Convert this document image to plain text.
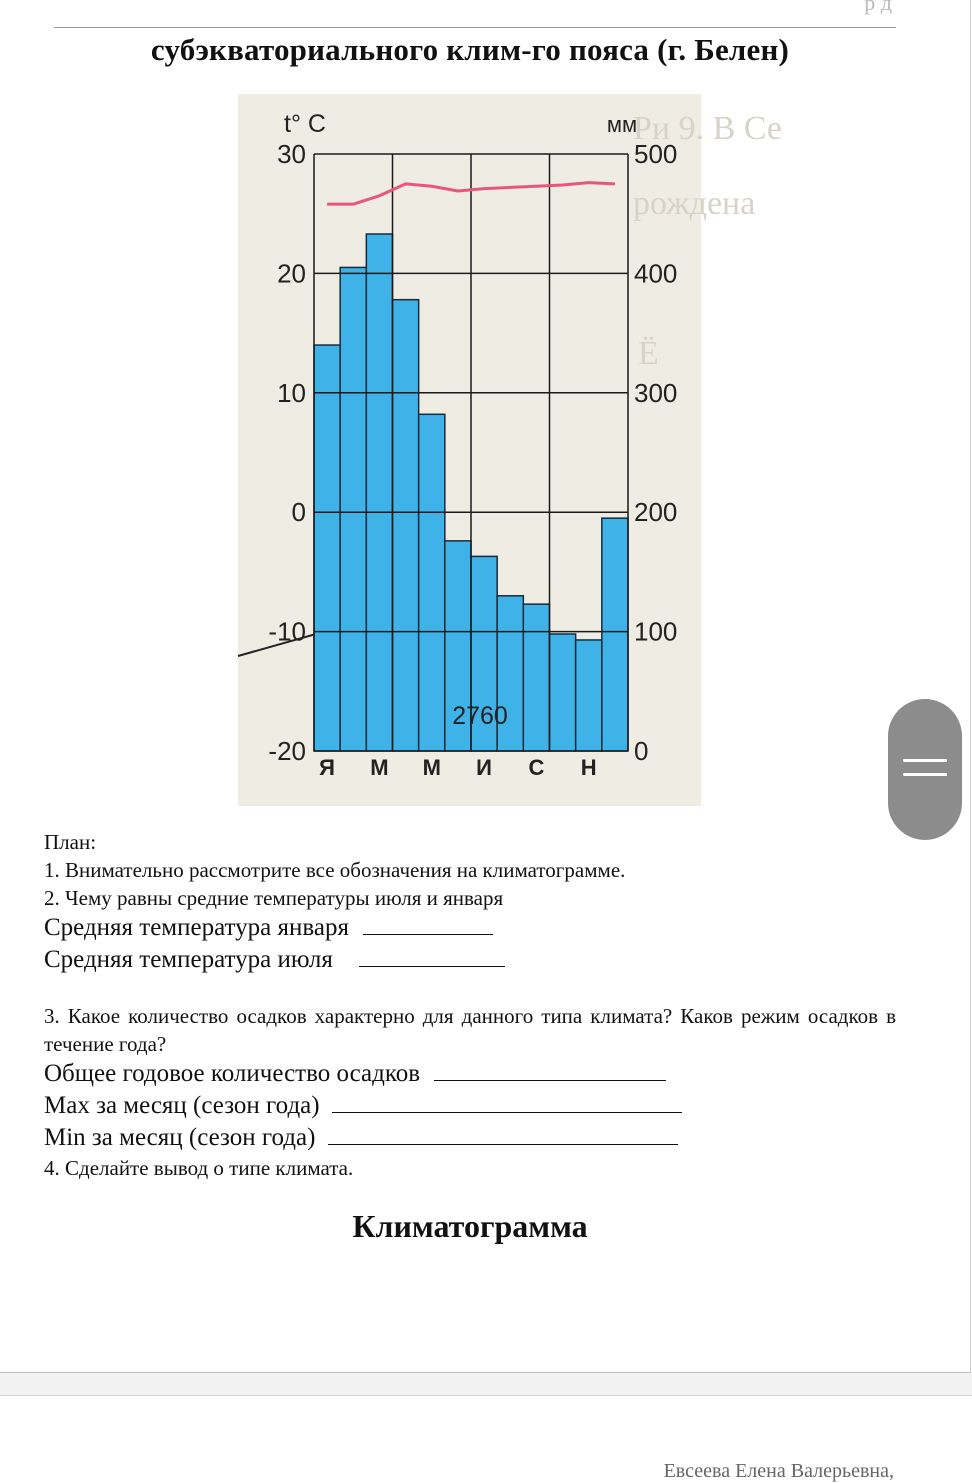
р д
субэкваториального клим-го пояса (г. Белен)
Ри 9. В Се
рождена
Ё
30
20
10
0
-10
-20
500
400
300
200
100
0
Я М М И С Н
t° C	мм
2760
План:
1. Внимательно рассмотрите все обозначения на климатограмме.
2. Чему равны средние температуры июля и января
Средняя температура января
Средняя температура июля
3. Какое количество осадков характерно для данного типа климата? Каков режим осадков в течение года?
Общее годовое количество осадков
Max за месяц (сезон года)
Min за месяц (сезон года)
4. Сделайте вывод о типе климата.
Климатограмма
Евсеева Елена Валерьевна,
